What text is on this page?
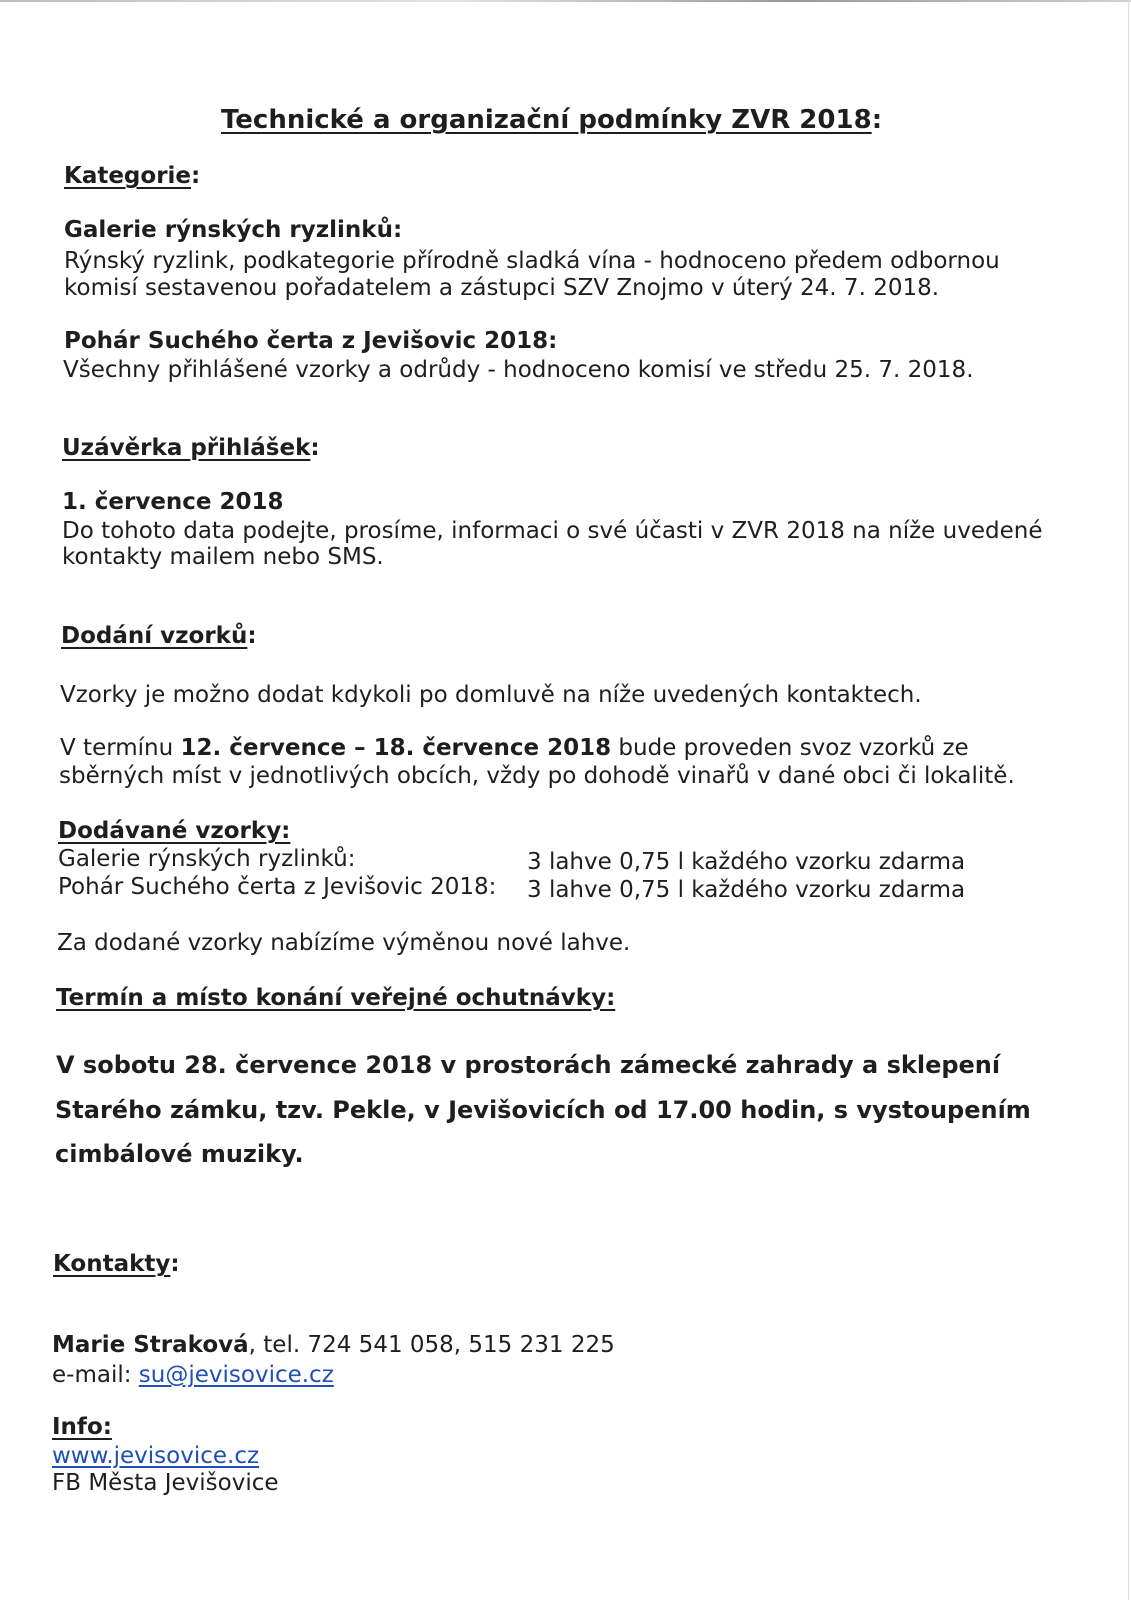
Technické a organizační podmínky ZVR 2018:
Kategorie:
Galerie rýnských ryzlinků:
Rýnský ryzlink, podkategorie přírodně sladká vína - hodnoceno předem odbornou
komisí sestavenou pořadatelem a zástupci SZV Znojmo v úterý 24. 7. 2018.
Pohár Suchého čerta z Jevišovic 2018:
Všechny přihlášené vzorky a odrůdy - hodnoceno komisí ve středu 25. 7. 2018.
Uzávěrka přihlášek:
1. července 2018
Do tohoto data podejte, prosíme, informaci o své účasti v ZVR 2018 na níže uvedené
kontakty mailem nebo SMS.
Dodání vzorků:
Vzorky je možno dodat kdykoli po domluvě na níže uvedených kontaktech.
V termínu 12. července – 18. července 2018 bude proveden svoz vzorků ze
sběrných míst v jednotlivých obcích, vždy po dohodě vinařů v dané obci či lokalitě.
Dodávané vzorky:
Galerie rýnských ryzlinků:	3 lahve 0,75 l každého vzorku zdarma
Pohár Suchého čerta z Jevišovic 2018: 3 lahve 0,75 l každého vzorku zdarma
Za dodané vzorky nabízíme výměnou nové lahve.
Termín a místo konání veřejné ochutnávky:
V sobotu 28. července 2018 v prostorách zámecké zahrady a sklepení
Starého zámku, tzv. Pekle, v Jevišovicích od 17.00 hodin, s vystoupením
cimbálové muziky.
Kontakty:
Marie Straková, tel. 724 541 058, 515 231 225
e-mail: su@jevisovice.cz
Info:
www.jevisovice.cz
FB Města Jevišovice
